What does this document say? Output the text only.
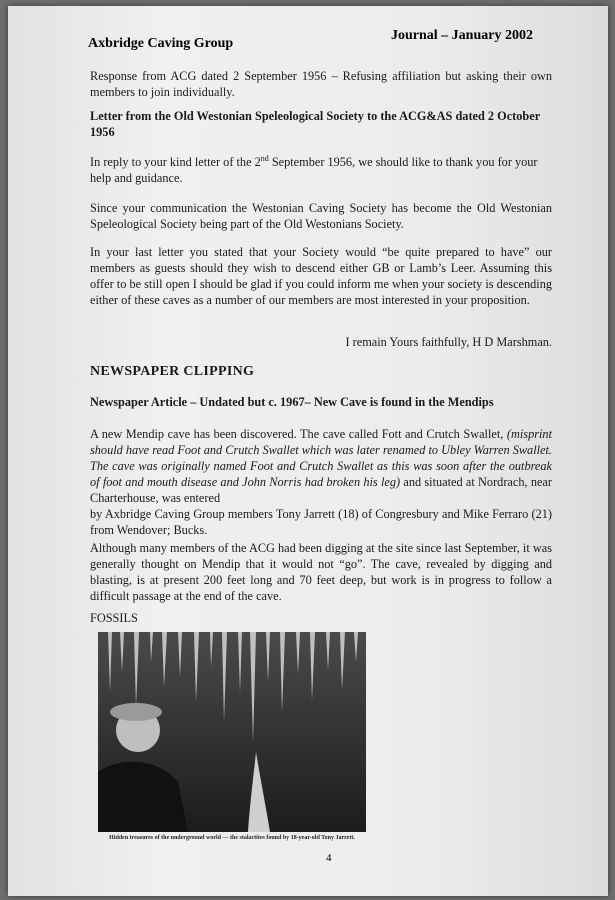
Axbridge Caving Group
Journal – January 2002
Response from ACG dated 2 September 1956 – Refusing affiliation but asking their own members to join individually.
Letter from the Old Westonian Speleological Society to the ACG&AS dated 2 October 1956
In reply to your kind letter of the 2nd September 1956, we should like to thank you for your help and guidance.
Since your communication the Westonian Caving Society has become the Old Westonian Speleological Society being part of the Old Westonians Society.
In your last letter you stated that your Society would “be quite prepared to have” our members as guests should they wish to descend either GB or Lamb’s Leer. Assuming this offer to be still open I should be glad if you could inform me when your society is descending either of these caves as a number of our members are most interested in your proposition.
I remain Yours faithfully, H D Marshman.
NEWSPAPER CLIPPING
Newspaper Article – Undated but c. 1967– New Cave is found in the Mendips
A new Mendip cave has been discovered. The cave called Fott and Crutch Swallet, (misprint should have read Foot and Crutch Swallet which was later renamed to Ubley Warren Swallet. The cave was originally named Foot and Crutch Swallet as this was soon after the outbreak of foot and mouth disease and John Norris had broken his leg) and situated at Nordrach, near Charterhouse, was entered
by Axbridge Caving Group members Tony Jarrett (18) of Congresbury and Mike Ferraro (21) from Wendover; Bucks.
Although many members of the ACG had been digging at the site since last September, it was generally thought on Mendip that it would not “go”. The cave, revealed by digging and blasting, is at present 200 feet long and 70 feet deep, but work is in progress to follow a difficult passage at the end of the cave.
FOSSILS
Hidden treasures of the underground world — the stalactites found by 18-year-old Tony Jarrett.
4
